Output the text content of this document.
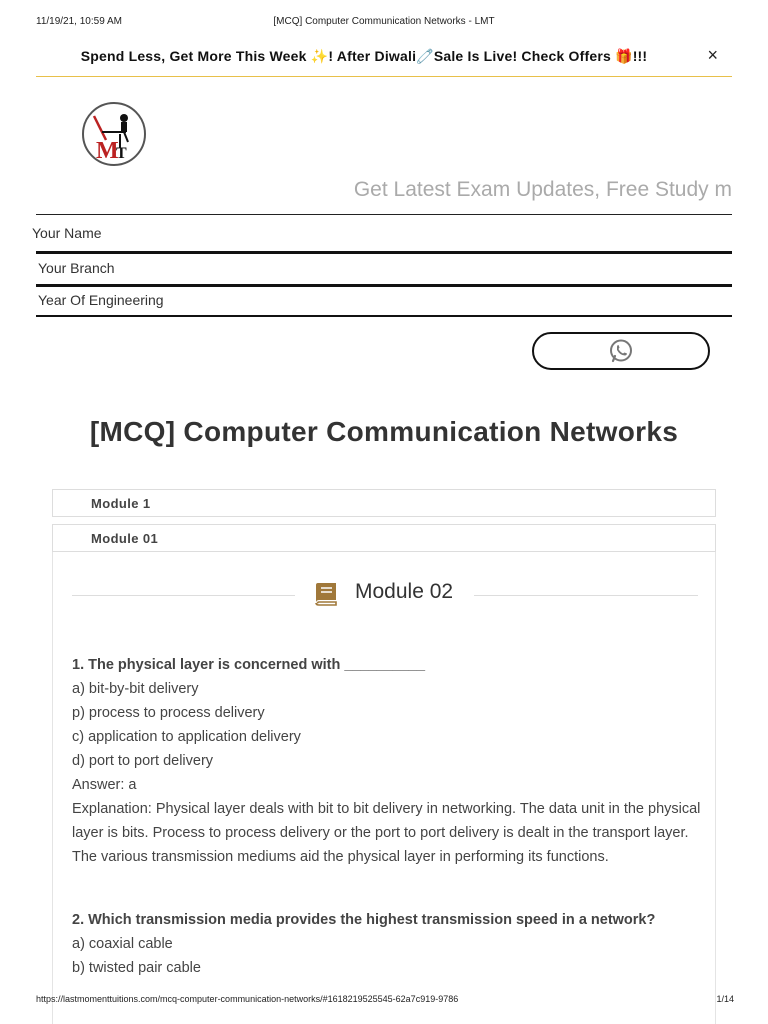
11/19/21, 10:59 AM	[MCQ] Computer Communication Networks - LMT
Spend Less, Get More This Week ✨! After Diwali🧷Sale Is Live! Check Offers 🎁!!!	×
M
T
Get Latest Exam Updates, Free Study m
Your Name
Your Branch
Year Of Engineering
[MCQ] Computer Communication Networks
Module 1
Module 01
Module 02
1. The physical layer is concerned with __________
a) bit-by-bit delivery
p) process to process delivery
c) application to application delivery
d) port to port delivery
Answer: a
Explanation: Physical layer deals with bit to bit delivery in networking. The data unit in the physical layer is bits. Process to process delivery or the port to port delivery is dealt in the transport layer. The various transmission mediums aid the physical layer in performing its functions.
2. Which transmission media provides the highest transmission speed in a network?
a) coaxial cable
b) twisted pair cable
https://lastmomenttuitions.com/mcq-computer-communication-networks/#1618219525545-62a7c919-9786	1/14
